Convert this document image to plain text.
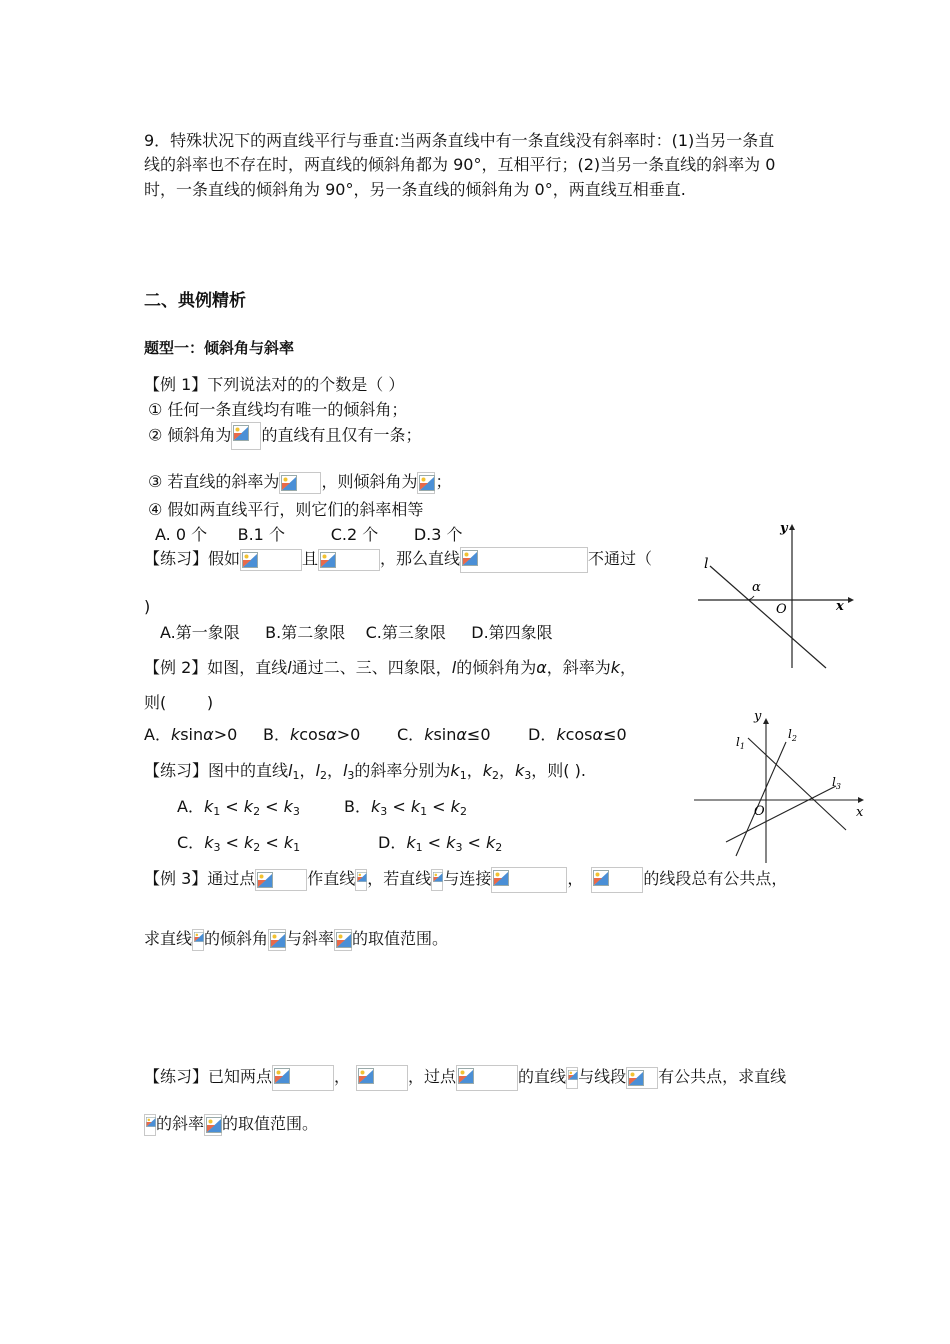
9．特殊状况下的两直线平行与垂直:当两条直线中有一条直线没有斜率时：(1)当另一条直
线的斜率也不存在时，两直线的倾斜角都为 90°，互相平行；(2)当另一条直线的斜率为 0
时，一条直线的倾斜角为 90°，另一条直线的倾斜角为 0°，两直线互相垂直.
二、典例精析
题型一：倾斜角与斜率
【例 1】下列说法对的的个数是（ ）
① 任何一条直线均有唯一的倾斜角；
② 倾斜角为 的直线有且仅有一条；
③ 若直线的斜率为	，则倾斜角为 ；
④ 假如两直线平行，则它们的斜率相等
A. 0 个      B.1 个         C.2 个       D.3 个
【练习】假如	且	，那么直线	不通过（
)
A.第一象限     B.第二象限    C.第三象限     D.第四象限
【例 2】如图，直线l通过二、三、四象限，l的倾斜角为α，斜率为k，
则(        )
A．ksinα>0 B．kcosα>0 C．ksinα≤0 D．kcosα≤0
【练习】图中的直线$l_1$，$l_2$，$l_3$的斜率分别为$k_1$，$k_2$，$k_3$，则( ).
A．$k_1 < k_2 < k_3$	B．$k_3 < k_1 < k_2$
C．$k_3 < k_2 < k_1$	D．$k_1 < k_3 < k_2$
【例 3】通过点	作直线 ，若直线 与连接	，	的线段总有公共点，
求直线 的倾斜角 与斜率 的取值范围。
【练习】已知两点	，	，过点	的直线 与线段 有公共点，求直线
的斜率 的取值范围。
l
α
O	x
y
$l_1$
$l_2$
$l_3$
O	x
y
